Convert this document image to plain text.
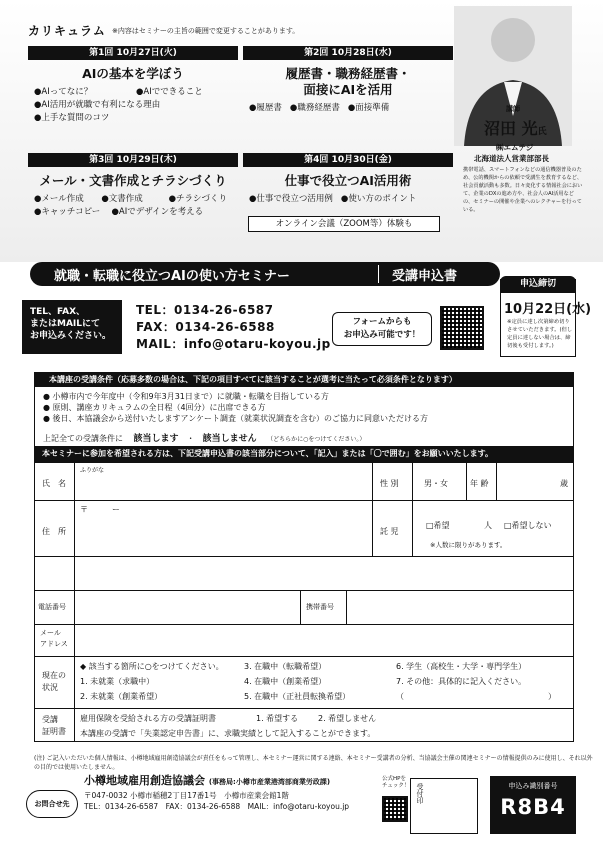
カリキュラム ※内容はセミナーの主旨の範囲で変更することがあります。
第1回 10月27日(火)
AIの基本を学ぼう
●AIってなに？	●AIでできること
●AI活用が就職で有利になる理由
●上手な質問のコツ
第2回 10月28日(水)
履歴書・職務経歴書・
面接にAIを活用
●履歴書 ●職務経歴書 ●面接準備
第3回 10月29日(木)
メール・文書作成とチラシづくり
●メール作成	●文書作成	●チラシづくり
●キャッチコピー	●AIでデザインを考える
第4回 10月30日(金)
仕事で役立つAI活用術
●仕事で役立つ活用例 ●使い方のポイント
オンライン会議（ZOOM等）体験も
講師
沼田 光氏
㈱エムテジ
北海道法人営業部部長
携帯電話、スマートフォンなどの通信機器普及のため、公的機関からの依頼で受講生を教育するなど、社会貢献活動も多数。日々変化する情報社会において、企業のDXの進め方や、社会人のAI活用などの、セミナーの開催や企業へのレクチャーを行っている。
就職・転職に役立つAIの使い方セミナー	受講申込書	申込締切
10月22日(水)
※定員に達し次第締め切りさせていただきます。(但し定員に達しない場合は、締切後も受付します。)
TEL、FAX、
またはMAILにて
お申込みください。
TEL：0134-26-6587
FAX：0134-26-6588
MAIL：info@otaru-koyou.jp
フォームからも
お申込み可能です！
本講座の受講条件（応募多数の場合は、下記の項目すべてに該当することが選考に当たって必須条件となります）
● 小樽市内で今年度中（令和9年3月31日まで）に就職・転職を目指している方
● 原則、講座カリキュラムの全日程（4回分）に出席できる方
● 後日、本協議会から送付いたしますアンケート調査（就業状況調査を含む）のご協力に同意いただける方
上記全ての受講条件に 該当します ・ 該当しません （どちらかに○をつけてください。）
本セミナーに参加を希望される方は、下記受講申込書の該当部分について、「記入」または「〇で囲む」をお願いいたします。
氏　名
ふりがな
性 別	男・女	年 齢	歳
住　所
〒　　　ー
託 児
□希望	人 □希望しない
※人数に限りがあります。
電話番号	携帯番号
メール
アドレス
現在の
状況
◆ 該当する箇所に○をつけてください。
1. 未就業（求職中）
2. 未就業（創業希望）
3. 在職中（転職希望）
4. 在職中（創業希望）
5. 在職中（正社員転換希望）
6. 学生（高校生・大学・専門学生）
7. その他：具体的に記入ください。
（　　　　　　　　　　　　　　　　　　）
受講
証明書
雇用保険を受給される方の受講証明書	1. 希望する 2. 希望しません
本講座の受講で「失業認定申告書」に、求職実績として記入することができます。
(注) ご記入いただいた個人情報は、小樽地域雇用創造協議会が責任をもって管理し、本セミナー運営に関する連絡、本セミナー受講者の分析、当協議会主催の関連セミナーの情報提供のみに使用し、それ以外の目的では使用いたしません。
お問合せ先
小樽地域雇用創造協議会 (事務局:小樽市産業港湾部商業労政課)
〒047-0032 小樽市稲穂2丁目17番1号　小樽市産業会館1階
TEL：0134-26-6587　FAX：0134-26-6588　MAIL：info@otaru-koyou.jp
公式HPを
チェック！ 受付印	申込み識別番号
R8B4
